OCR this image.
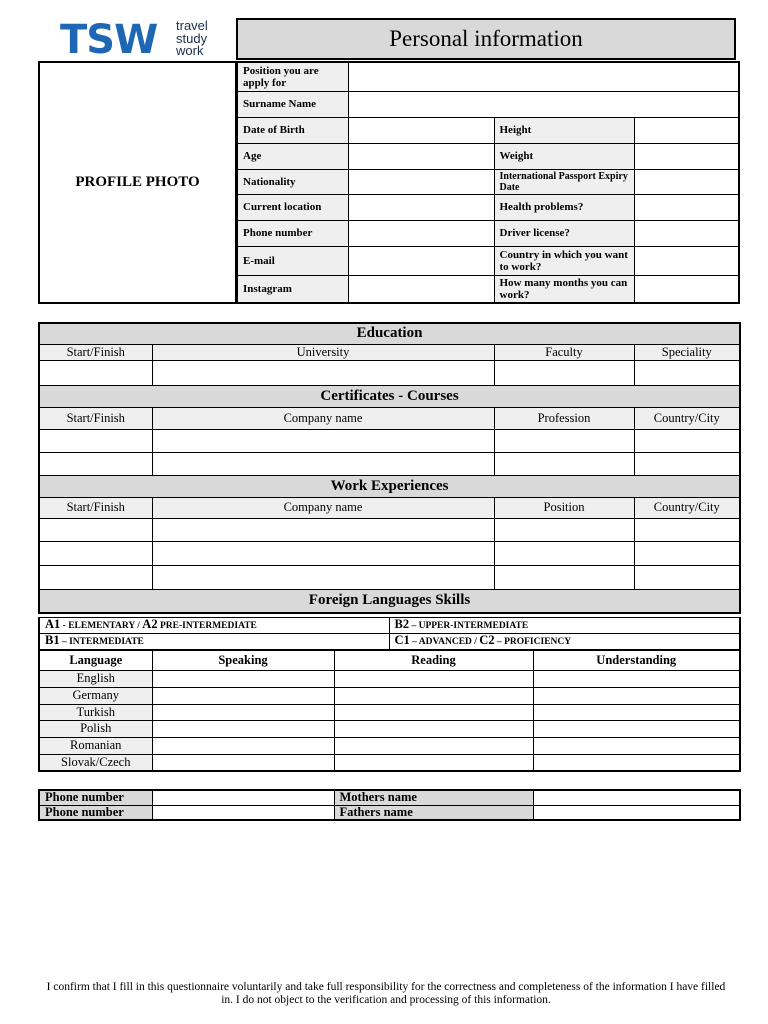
TSW travel
study
work	Personal information
PROFILE PHOTO
Position you are apply for			
Surname Name			
Date of Birth		Height	
Age		Weight	
Nationality		International Passport Expiry Date	
Current location		Health problems?	
Phone number		Driver license?	
E-mail		Country in which you want to work?	
Instagram		How many months you can work?	
Education			
Start/Finish	University	Faculty	Speciality

Certificates - Courses			
Start/Finish	Company name	Profession	Country/City

Work Experiences			
Start/Finish	Company name	Position	Country/City

Foreign Languages Skills			
A1 - ELEMENTARY / A2 PRE-INTERMEDIATE	B2 – UPPER-INTERMEDIATE
B1 – INTERMEDIATE	C1 – ADVANCED / C2 – PROFICIENCY
Language	Speaking	Reading	Understanding
English			
Germany			
Turkish			
Polish			
Romanian			
Slovak/Czech			
Phone number		Mothers name	
Phone number		Fathers name	
I confirm that I fill in this questionnaire voluntarily and take full responsibility for the correctness and completeness of the information I have filled in. I do not object to the verification and processing of this information.
